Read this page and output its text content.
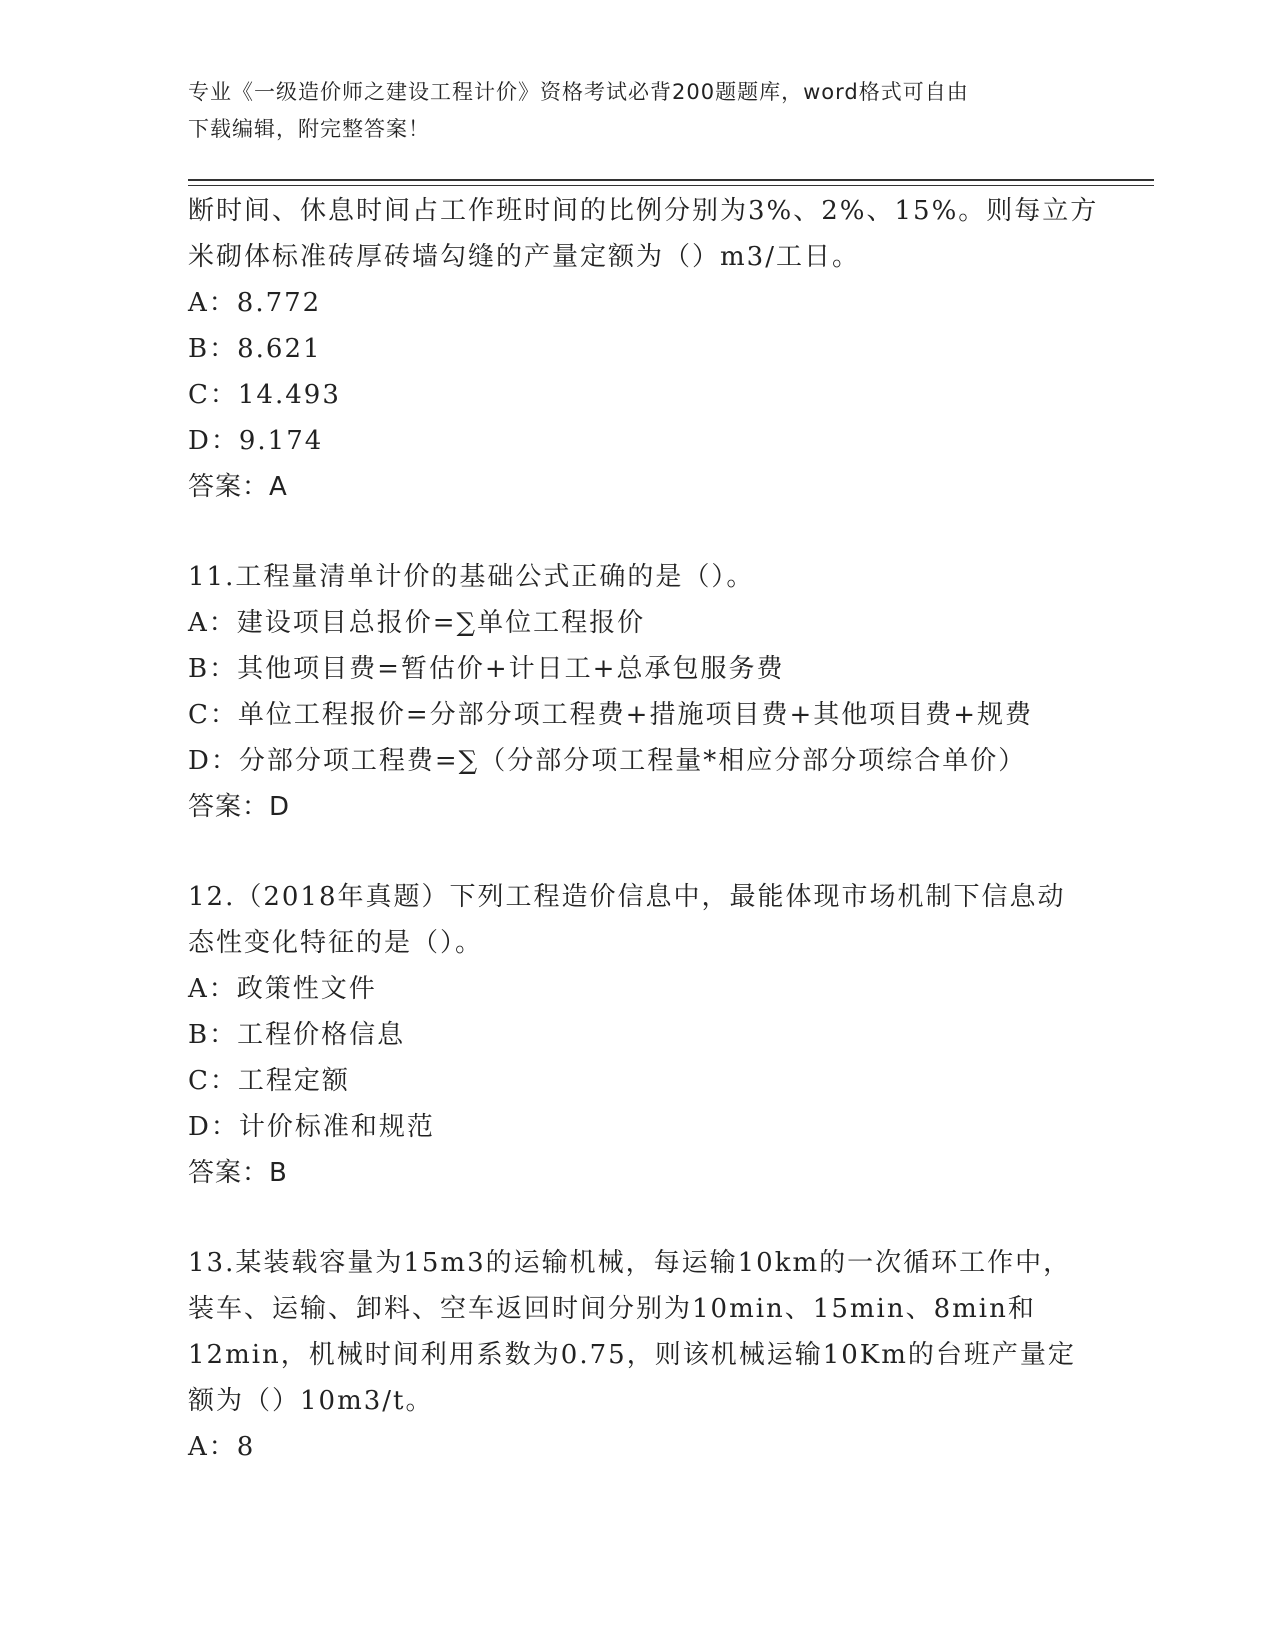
专业《一级造价师之建设工程计价》资格考试必背200题题库，word格式可自由
下载编辑，附完整答案！
断时间、休息时间占工作班时间的比例分别为3%、2%、15%。则每立方
米砌体标准砖厚砖墙勾缝的产量定额为（）m3/工日。
A：8.772
B：8.621
C：14.493
D：9.174
答案：A
11.工程量清单计价的基础公式正确的是（）。
A：建设项目总报价=∑单位工程报价
B：其他项目费=暂估价+计日工+总承包服务费
C：单位工程报价=分部分项工程费+措施项目费+其他项目费+规费
D：分部分项工程费=∑（分部分项工程量*相应分部分项综合单价）
答案：D
12.（2018年真题）下列工程造价信息中，最能体现市场机制下信息动
态性变化特征的是（）。
A：政策性文件
B：工程价格信息
C：工程定额
D：计价标准和规范
答案：B
13.某装载容量为15m3的运输机械，每运输10km的一次循环工作中，
装车、运输、卸料、空车返回时间分别为10min、15min、8min和
12min，机械时间利用系数为0.75，则该机械运输10Km的台班产量定
额为（）10m3/t。
A：8
